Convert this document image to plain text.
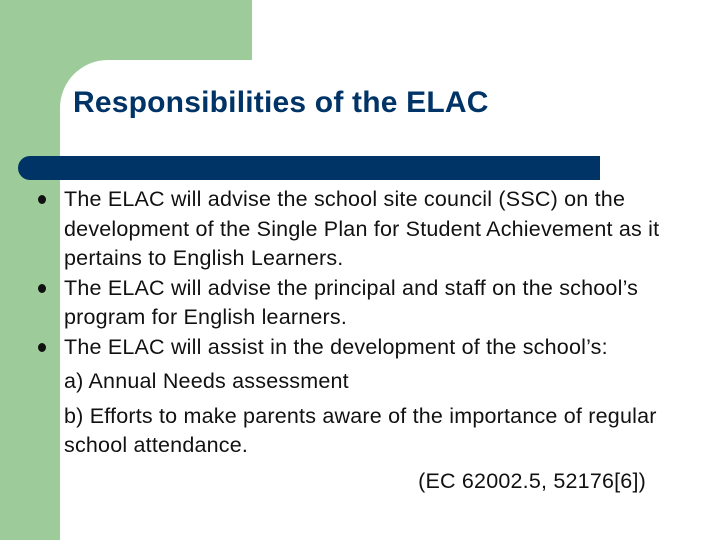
Responsibilities of the ELAC
The ELAC will advise the school site council (SSC) on the development of the Single Plan for Student Achievement as it pertains to English Learners.
The ELAC will advise the principal and staff on the school’s program for English learners.
The ELAC will assist in the development of the school’s:
a) Annual Needs assessment
b) Efforts to make parents aware of the importance of regular school attendance.
(EC 62002.5, 52176[6])
